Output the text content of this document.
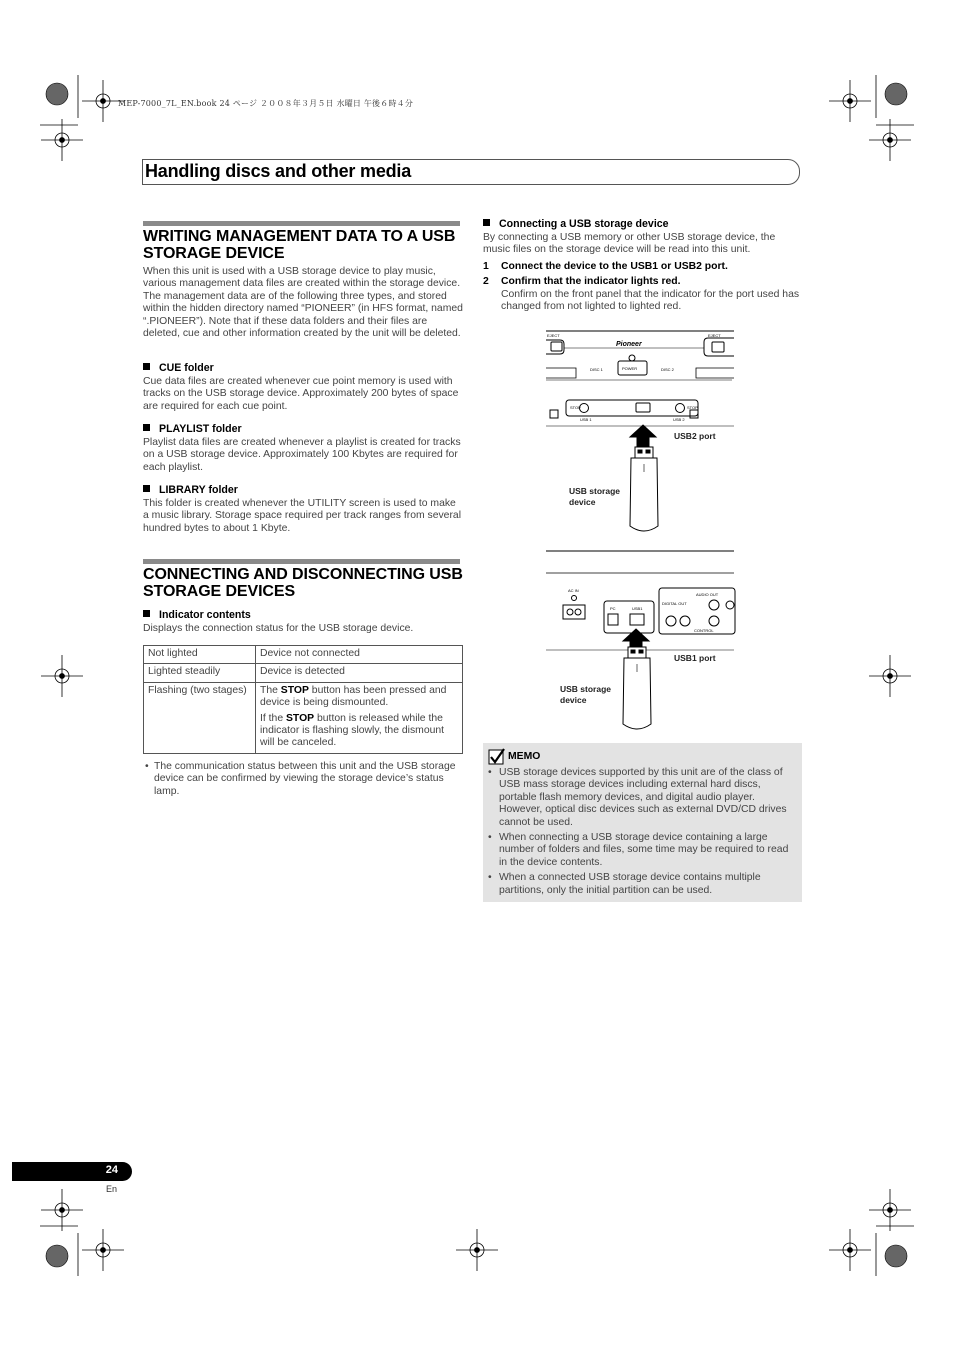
MEP-7000_7L_EN.book 24 ページ ２００８年３月５日 水曜日 午後６時４分
Handling discs and other media
WRITING MANAGEMENT DATA TO A USB STORAGE DEVICE
When this unit is used with a USB storage device to play music, various management data files are created within the storage device. The management data are of the following three types, and stored within the hidden directory named “PIONEER” (in HFS format, named “.PIONEER”). Note that if these data folders and their files are deleted, cue and other information created by the unit will be deleted.
CUE folder
Cue data files are created whenever cue point memory is used with tracks on the USB storage device. Approximately 200 bytes of space are required for each cue point.
PLAYLIST folder
Playlist data files are created whenever a playlist is created for tracks on a USB storage device. Approximately 100 Kbytes are required for each playlist.
LIBRARY folder
This folder is created whenever the UTILITY screen is used to make a music library. Storage space required per track ranges from several hundred bytes to about 1 Kbyte.
CONNECTING AND DISCONNECTING USB STORAGE DEVICES
Indicator contents
Displays the connection status for the USB storage device.
Not lighted	Device not connected
Lighted steadily	Device is detected
Flashing (two stages)	The STOP button has been pressed and device is being dismounted.
If the STOP button is released while the indicator is flashing slowly, the dismount will be canceled.
• The communication status between this unit and the USB storage device can be confirmed by viewing the storage device’s status lamp.
Connecting a USB storage device
By connecting a USB memory or other USB storage device, the music files on the storage device will be read into this unit.
1 Connect the device to the USB1 or USB2 port.
2 Confirm that the indicator lights red.
Confirm on the front panel that the indicator for the port used has changed from not lighted to lighted red.
EJECT	EJECT
DISC 1	POWER	DISC 2
STOP	STOP
USB 1	USB 2
Pioneer
USB2 port
USB storage
device
AC IN
PC	USB1
DIGITAL OUT
AUDIO OUT
CONTROL
USB1 port
USB storage
device
MEMO
• USB storage devices supported by this unit are of the class of USB mass storage devices including external hard discs, portable flash memory devices, and digital audio player. However, optical disc devices such as external DVD/CD drives cannot be used.
• When connecting a USB storage device containing a large number of folders and files, some time may be required to read in the device contents.
• When a connected USB storage device contains multiple partitions, only the initial partition can be used.
24
En
